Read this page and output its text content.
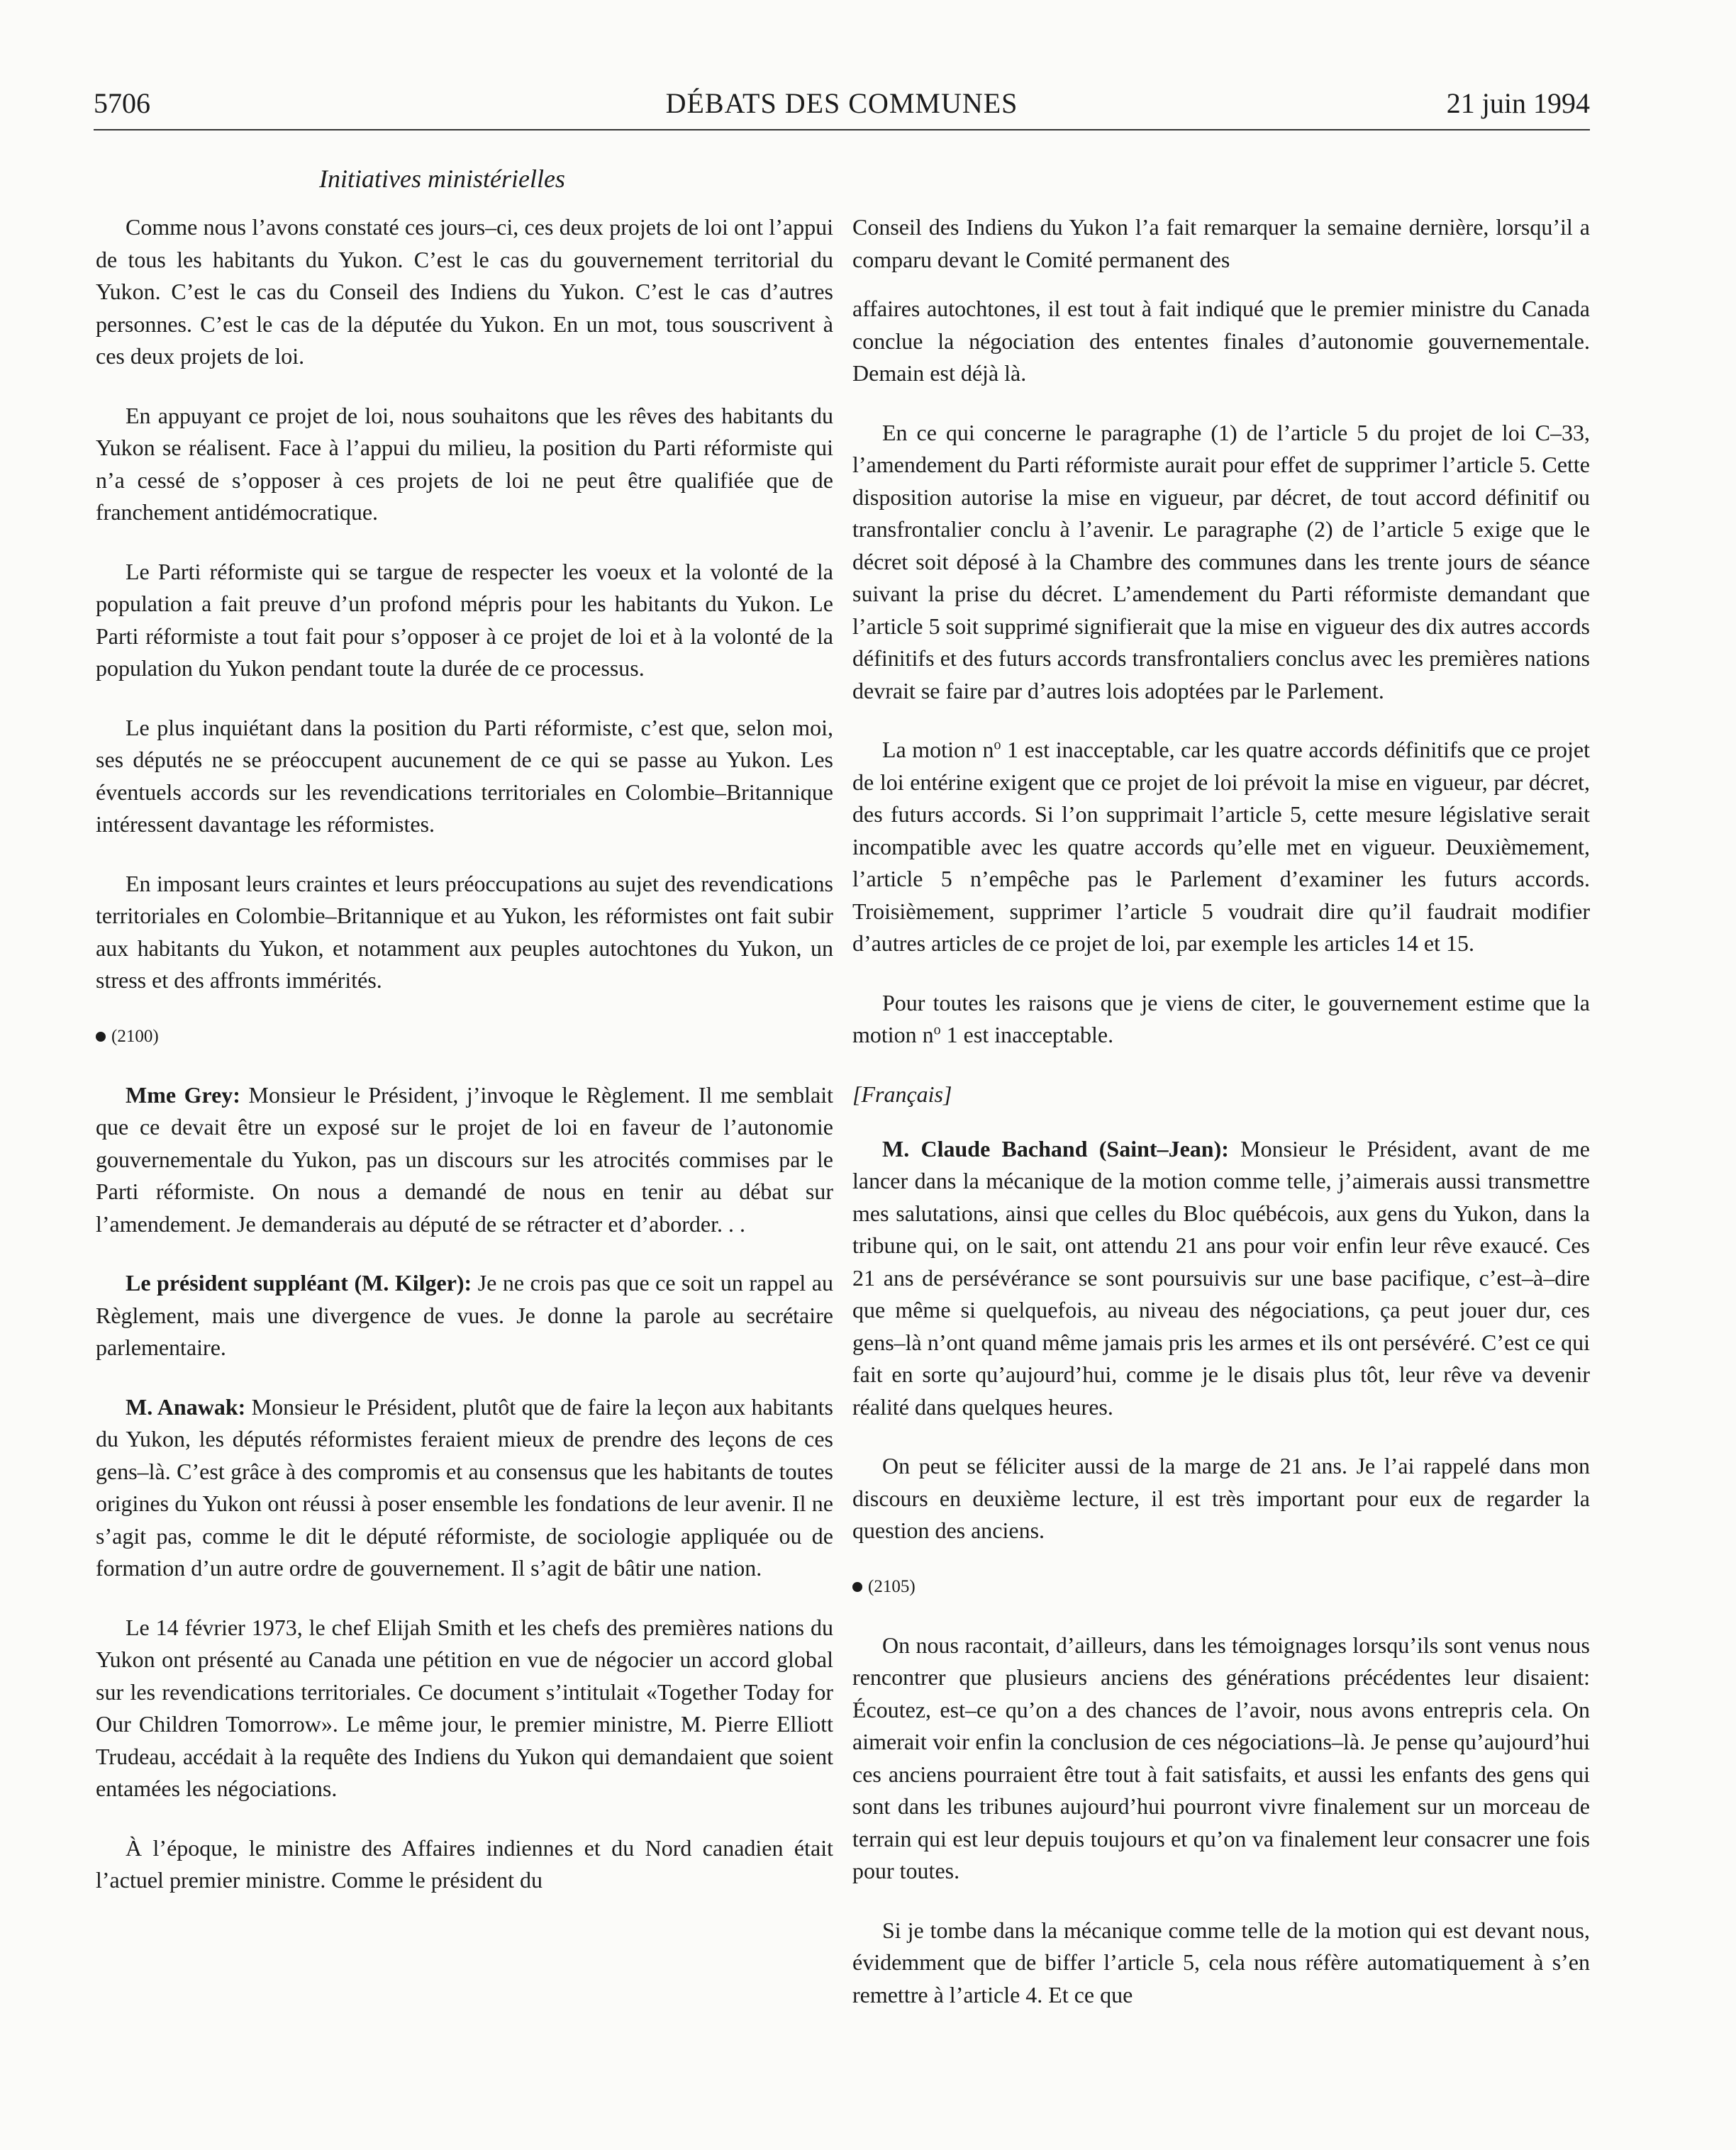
DÉBATS DES COMMUNES
5706	21 juin 1994
Initiatives ministérielles

Comme nous l’avons constaté ces jours–ci, ces deux projets de loi ont l’appui de tous les habitants du Yukon. C’est le cas du gouvernement territorial du Yukon. C’est le cas du Conseil des Indiens du Yukon. C’est le cas d’autres personnes. C’est le cas de la députée du Yukon. En un mot, tous souscrivent à ces deux projets de loi.

En appuyant ce projet de loi, nous souhaitons que les rêves des habitants du Yukon se réalisent. Face à l’appui du milieu, la position du Parti réformiste qui n’a cessé de s’opposer à ces projets de loi ne peut être qualifiée que de franchement antidémocratique.

Le Parti réformiste qui se targue de respecter les voeux et la volonté de la population a fait preuve d’un profond mépris pour les habitants du Yukon. Le Parti réformiste a tout fait pour s’opposer à ce projet de loi et à la volonté de la population du Yukon pendant toute la durée de ce processus.

Le plus inquiétant dans la position du Parti réformiste, c’est que, selon moi, ses députés ne se préoccupent aucunement de ce qui se passe au Yukon. Les éventuels accords sur les revendications territoriales en Colombie–Britannique intéressent davantage les réformistes.

En imposant leurs craintes et leurs préoccupations au sujet des revendications territoriales en Colombie–Britannique et au Yukon, les réformistes ont fait subir aux habitants du Yukon, et notamment aux peuples autochtones du Yukon, un stress et des affronts immérités.

(2100)

Mme Grey: Monsieur le Président, j’invoque le Règlement. Il me semblait que ce devait être un exposé sur le projet de loi en faveur de l’autonomie gouvernementale du Yukon, pas un discours sur les atrocités commises par le Parti réformiste. On nous a demandé de nous en tenir au débat sur l’amendement. Je demanderais au député de se rétracter et d’aborder. . .

Le président suppléant (M. Kilger): Je ne crois pas que ce soit un rappel au Règlement, mais une divergence de vues. Je donne la parole au secrétaire parlementaire.

M. Anawak: Monsieur le Président, plutôt que de faire la leçon aux habitants du Yukon, les députés réformistes feraient mieux de prendre des leçons de ces gens–là. C’est grâce à des compromis et au consensus que les habitants de toutes origines du Yukon ont réussi à poser ensemble les fondations de leur avenir. Il ne s’agit pas, comme le dit le député réformiste, de sociologie appliquée ou de formation d’un autre ordre de gouvernement. Il s’agit de bâtir une nation.

Le 14 février 1973, le chef Elijah Smith et les chefs des premières nations du Yukon ont présenté au Canada une pétition en vue de négocier un accord global sur les revendications territoriales. Ce document s’intitulait «Together Today for Our Children Tomorrow». Le même jour, le premier ministre, M. Pierre Elliott Trudeau, accédait à la requête des Indiens du Yukon qui demandaient que soient entamées les négociations.

À l’époque, le ministre des Affaires indiennes et du Nord canadien était l’actuel premier ministre. Comme le président du

Conseil des Indiens du Yukon l’a fait remarquer la semaine dernière, lorsqu’il a comparu devant le Comité permanent des

affaires autochtones, il est tout à fait indiqué que le premier ministre du Canada conclue la négociation des ententes finales d’autonomie gouvernementale. Demain est déjà là.

En ce qui concerne le paragraphe (1) de l’article 5 du projet de loi C–33, l’amendement du Parti réformiste aurait pour effet de supprimer l’article 5. Cette disposition autorise la mise en vigueur, par décret, de tout accord définitif ou transfrontalier conclu à l’avenir. Le paragraphe (2) de l’article 5 exige que le décret soit déposé à la Chambre des communes dans les trente jours de séance suivant la prise du décret. L’amendement du Parti réformiste demandant que l’article 5 soit supprimé signifierait que la mise en vigueur des dix autres accords définitifs et des futurs accords transfrontaliers conclus avec les premières nations devrait se faire par d’autres lois adoptées par le Parlement.

La motion $n^o$ 1 est inacceptable, car les quatre accords définitifs que ce projet de loi entérine exigent que ce projet de loi prévoit la mise en vigueur, par décret, des futurs accords. Si l’on supprimait l’article 5, cette mesure législative serait incompatible avec les quatre accords qu’elle met en vigueur. Deuxièmement, l’article 5 n’empêche pas le Parlement d’examiner les futurs accords. Troisièmement, supprimer l’article 5 voudrait dire qu’il faudrait modifier d’autres articles de ce projet de loi, par exemple les articles 14 et 15.

Pour toutes les raisons que je viens de citer, le gouvernement estime que la motion $n^o$ 1 est inacceptable.

[Français]

M. Claude Bachand (Saint–Jean): Monsieur le Président, avant de me lancer dans la mécanique de la motion comme telle, j’aimerais aussi transmettre mes salutations, ainsi que celles du Bloc québécois, aux gens du Yukon, dans la tribune qui, on le sait, ont attendu 21 ans pour voir enfin leur rêve exaucé. Ces 21 ans de persévérance se sont poursuivis sur une base pacifique, c’est–à–dire que même si quelquefois, au niveau des négociations, ça peut jouer dur, ces gens–là n’ont quand même jamais pris les armes et ils ont persévéré. C’est ce qui fait en sorte qu’aujourd’hui, comme je le disais plus tôt, leur rêve va devenir réalité dans quelques heures.

On peut se féliciter aussi de la marge de 21 ans. Je l’ai rappelé dans mon discours en deuxième lecture, il est très important pour eux de regarder la question des anciens.

(2105)

On nous racontait, d’ailleurs, dans les témoignages lorsqu’ils sont venus nous rencontrer que plusieurs anciens des générations précédentes leur disaient: Écoutez, est–ce qu’on a des chances de l’avoir, nous avons entrepris cela. On aimerait voir enfin la conclusion de ces négociations–là. Je pense qu’aujourd’hui ces anciens pourraient être tout à fait satisfaits, et aussi les enfants des gens qui sont dans les tribunes aujourd’hui pourront vivre finalement sur un morceau de terrain qui est leur depuis toujours et qu’on va finalement leur consacrer une fois pour toutes.

Si je tombe dans la mécanique comme telle de la motion qui est devant nous, évidemment que de biffer l’article 5, cela nous réfère automatiquement à s’en remettre à l’article 4. Et ce que
